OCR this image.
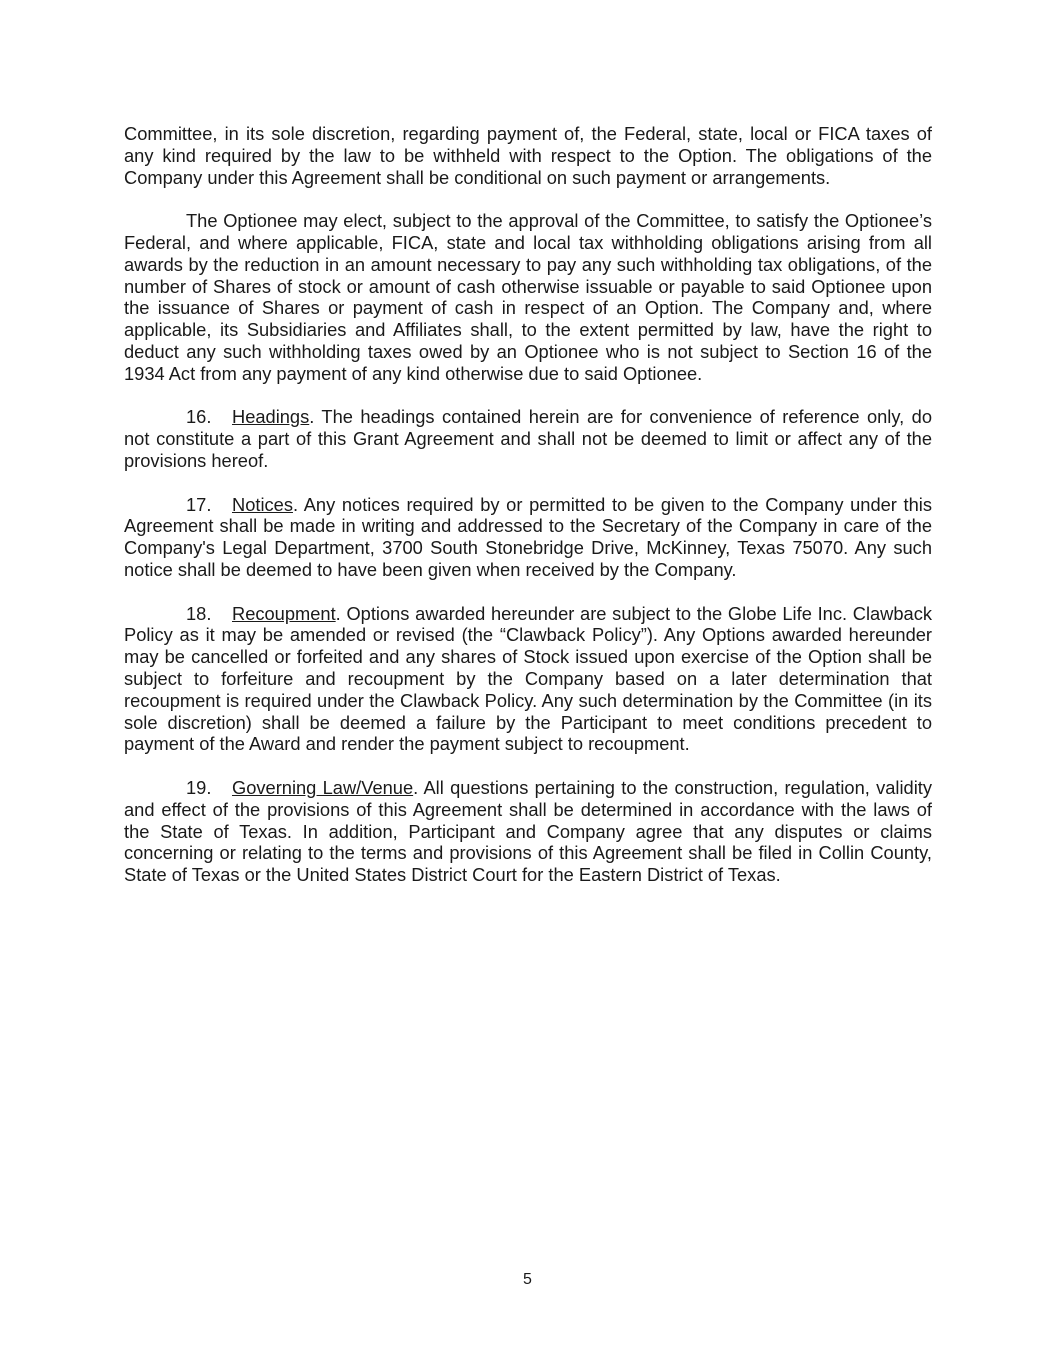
Committee, in its sole discretion, regarding payment of, the Federal, state, local or FICA taxes of any kind required by the law to be withheld with respect to the Option. The obligations of the Company under this Agreement shall be conditional on such payment or arrangements.

The Optionee may elect, subject to the approval of the Committee, to satisfy the Optionee’s Federal, and where applicable, FICA, state and local tax withholding obligations arising from all awards by the reduction in an amount necessary to pay any such withholding tax obligations, of the number of Shares of stock or amount of cash otherwise issuable or payable to said Optionee upon the issuance of Shares or payment of cash in respect of an Option. The Company and, where applicable, its Subsidiaries and Affiliates shall, to the extent permitted by law, have the right to deduct any such withholding taxes owed by an Optionee who is not subject to Section 16 of the 1934 Act from any payment of any kind otherwise due to said Optionee.

16. Headings. The headings contained herein are for convenience of reference only, do not constitute a part of this Grant Agreement and shall not be deemed to limit or affect any of the provisions hereof.

17. Notices. Any notices required by or permitted to be given to the Company under this Agreement shall be made in writing and addressed to the Secretary of the Company in care of the Company's Legal Department, 3700 South Stonebridge Drive, McKinney, Texas 75070. Any such notice shall be deemed to have been given when received by the Company.

18. Recoupment. Options awarded hereunder are subject to the Globe Life Inc. Clawback Policy as it may be amended or revised (the “Clawback Policy”). Any Options awarded hereunder may be cancelled or forfeited and any shares of Stock issued upon exercise of the Option shall be subject to forfeiture and recoupment by the Company based on a later determination that recoupment is required under the Clawback Policy. Any such determination by the Committee (in its sole discretion) shall be deemed a failure by the Participant to meet conditions precedent to payment of the Award and render the payment subject to recoupment.

19. Governing Law/Venue. All questions pertaining to the construction, regulation, validity and effect of the provisions of this Agreement shall be determined in accordance with the laws of the State of Texas. In addition, Participant and Company agree that any disputes or claims concerning or relating to the terms and provisions of this Agreement shall be filed in Collin County, State of Texas or the United States District Court for the Eastern District of Texas.

5
